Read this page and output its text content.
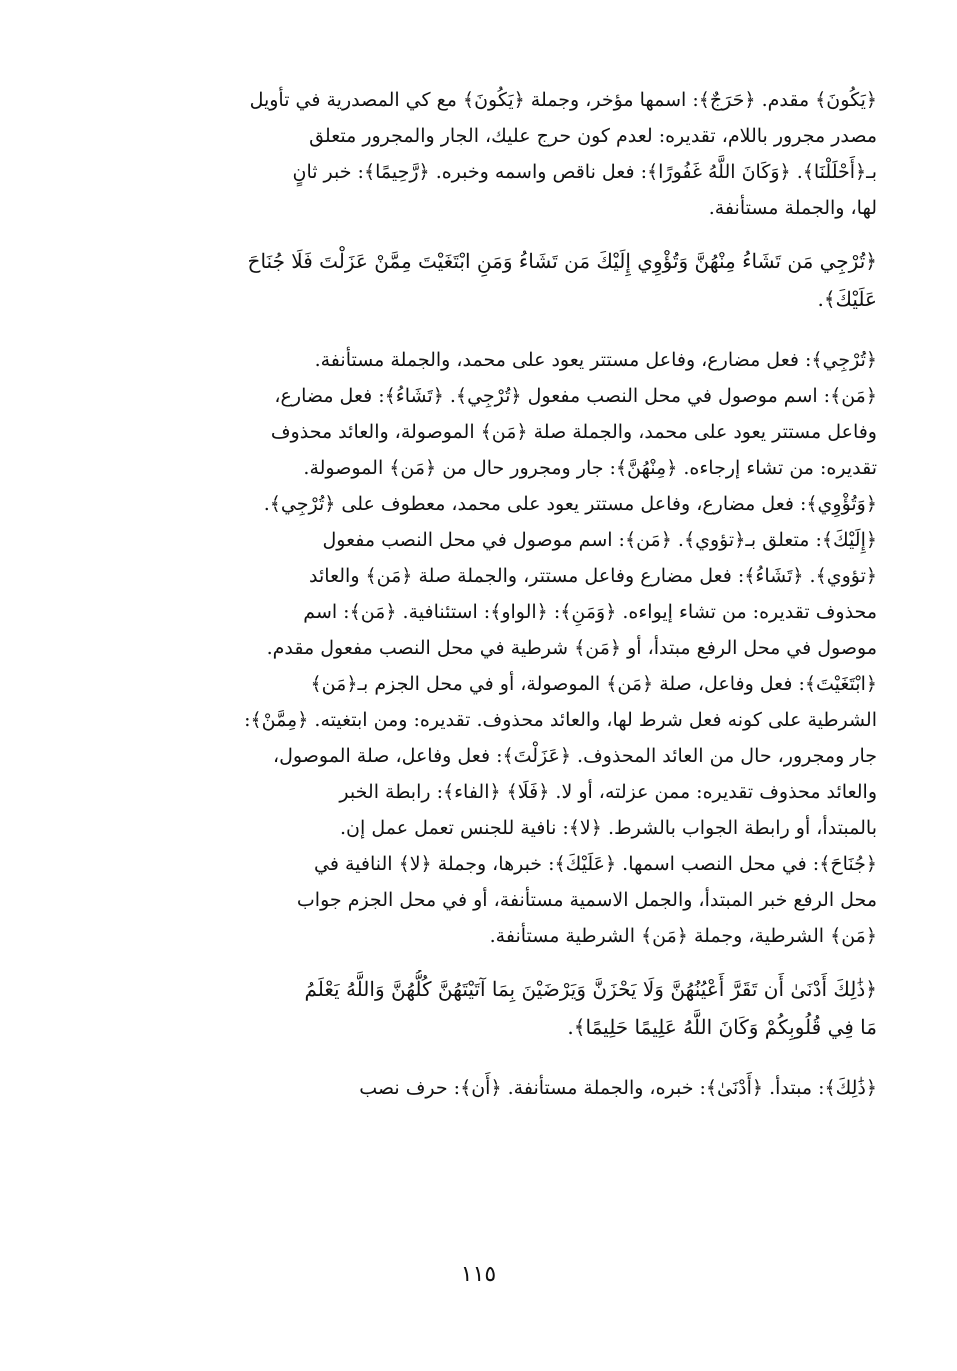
﴿يَكُونَ﴾ مقدم. ﴿حَرَجٌ﴾: اسمها مؤخر، وجملة ﴿يَكُونَ﴾ مع كي المصدرية في تأويل
مصدر مجرور باللام، تقديره: لعدم كون حرج عليك، الجار والمجرور متعلق
بـ﴿أَحْلَلْنَا﴾. ﴿وَكَانَ اللَّهُ غَفُورًا﴾: فعل ناقص واسمه وخبره. ﴿رَّحِيمًا﴾: خبر ثانٍ
لها، والجملة مستأنفة.
﴿تُرْجِي مَن تَشَاءُ مِنْهُنَّ وَتُؤْوِي إِلَيْكَ مَن تَشَاءُ وَمَنِ ابْتَغَيْتَ مِمَّنْ عَزَلْتَ فَلَا جُنَاحَ
عَلَيْكَ﴾.
﴿تُرْجِي﴾: فعل مضارع، وفاعل مستتر يعود على محمد، والجملة مستأنفة.
﴿مَن﴾: اسم موصول في محل النصب مفعول ﴿تُرْجِي﴾. ﴿تَشَاءُ﴾: فعل مضارع،
وفاعل مستتر يعود على محمد، والجملة صلة ﴿مَن﴾ الموصولة، والعائد محذوف
تقديره: من تشاء إرجاءه. ﴿مِنْهُنَّ﴾: جار ومجرور حال من ﴿مَن﴾ الموصولة.
﴿وَتُؤْوِي﴾: فعل مضارع، وفاعل مستتر يعود على محمد، معطوف على ﴿تُرْجِي﴾.
﴿إِلَيْكَ﴾: متعلق بـ﴿تؤوي﴾. ﴿مَن﴾: اسم موصول في محل النصب مفعول
﴿تؤوي﴾. ﴿تَشَاءُ﴾: فعل مضارع وفاعل مستتر، والجملة صلة ﴿مَن﴾ والعائد
محذوف تقديره: من تشاء إيواءه. ﴿وَمَنِ﴾: ﴿الواو﴾: استئنافية. ﴿مَن﴾: اسم
موصول في محل الرفع مبتدأ، أو ﴿مَن﴾ شرطية في محل النصب مفعول مقدم.
﴿ابْتَغَيْتَ﴾: فعل وفاعل، صلة ﴿مَن﴾ الموصولة، أو في محل الجزم بـ﴿مَن﴾
الشرطية على كونه فعل شرط لها، والعائد محذوف. تقديره: ومن ابتغيته. ﴿مِمَّنْ﴾:
جار ومجرور، حال من العائد المحذوف. ﴿عَزَلْتَ﴾: فعل وفاعل، صلة الموصول،
والعائد محذوف تقديره: ممن عزلته، أو لا. ﴿فَلَا﴾ ﴿الفاء﴾: رابطة الخبر
بالمبتدأ، أو رابطة الجواب بالشرط. ﴿لا﴾: نافية للجنس تعمل عمل إن.
﴿جُنَاحَ﴾: في محل النصب اسمها. ﴿عَلَيْكَ﴾: خبرها، وجملة ﴿لا﴾ النافية في
محل الرفع خبر المبتدأ، والجمل الاسمية مستأنفة، أو في محل الجزم جواب
﴿مَن﴾ الشرطية، وجملة ﴿مَن﴾ الشرطية مستأنفة.
﴿ذَٰلِكَ أَدْنَىٰ أَن تَقَرَّ أَعْيُنُهُنَّ وَلَا يَحْزَنَّ وَيَرْضَيْنَ بِمَا آتَيْتَهُنَّ كُلُّهُنَّ وَاللَّهُ يَعْلَمُ
مَا فِي قُلُوبِكُمْ وَكَانَ اللَّهُ عَلِيمًا حَلِيمًا﴾.
﴿ذَٰلِكَ﴾: مبتدأ. ﴿أَدْنَىٰ﴾: خبره، والجملة مستأنفة. ﴿أَن﴾: حرف نصب
١١٥
